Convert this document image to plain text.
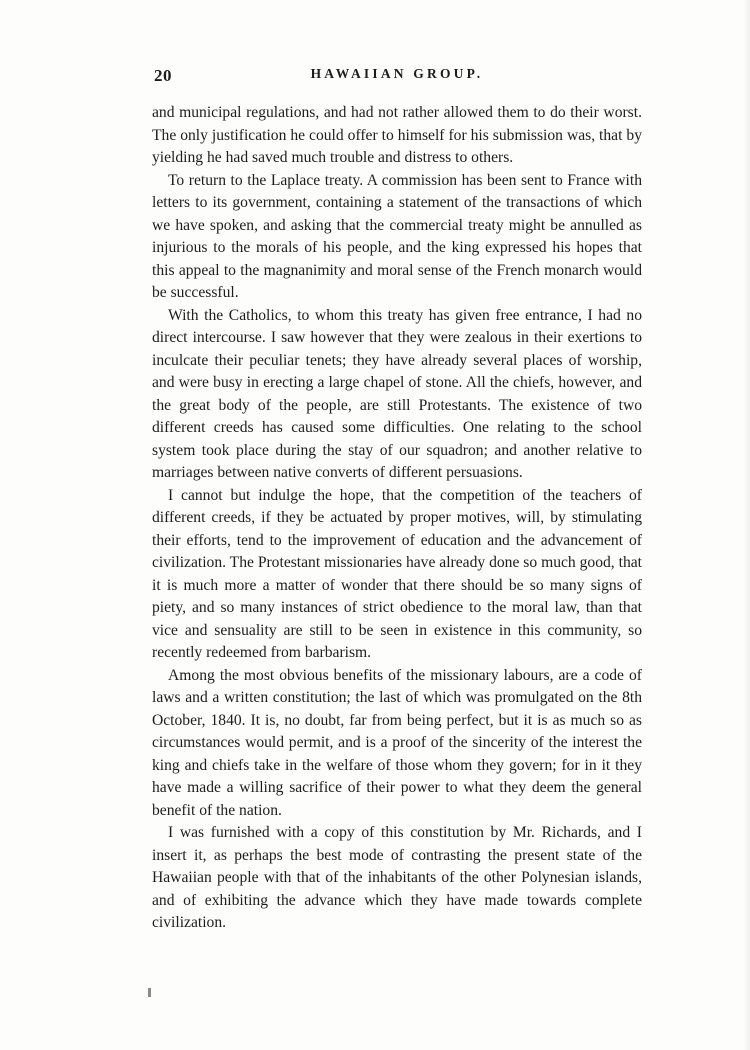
20	HAWAIIAN GROUP.

and municipal regulations, and had not rather allowed them to do their worst. The only justification he could offer to himself for his submission was, that by yielding he had saved much trouble and distress to others.

To return to the Laplace treaty. A commission has been sent to France with letters to its government, containing a statement of the transactions of which we have spoken, and asking that the commercial treaty might be annulled as injurious to the morals of his people, and the king expressed his hopes that this appeal to the magnanimity and moral sense of the French monarch would be successful.

With the Catholics, to whom this treaty has given free entrance, I had no direct intercourse. I saw however that they were zealous in their exertions to inculcate their peculiar tenets; they have already several places of worship, and were busy in erecting a large chapel of stone. All the chiefs, however, and the great body of the people, are still Protestants. The existence of two different creeds has caused some difficulties. One relating to the school system took place during the stay of our squadron; and another relative to marriages between native converts of different persuasions.

I cannot but indulge the hope, that the competition of the teachers of different creeds, if they be actuated by proper motives, will, by stimulating their efforts, tend to the improvement of education and the advancement of civilization. The Protestant missionaries have already done so much good, that it is much more a matter of wonder that there should be so many signs of piety, and so many instances of strict obedience to the moral law, than that vice and sensuality are still to be seen in existence in this community, so recently redeemed from barbarism.

Among the most obvious benefits of the missionary labours, are a code of laws and a written constitution; the last of which was promulgated on the 8th October, 1840. It is, no doubt, far from being perfect, but it is as much so as circumstances would permit, and is a proof of the sincerity of the interest the king and chiefs take in the welfare of those whom they govern; for in it they have made a willing sacrifice of their power to what they deem the general benefit of the nation.

I was furnished with a copy of this constitution by Mr. Richards, and I insert it, as perhaps the best mode of contrasting the present state of the Hawaiian people with that of the inhabitants of the other Polynesian islands, and of exhibiting the advance which they have made towards complete civilization.
